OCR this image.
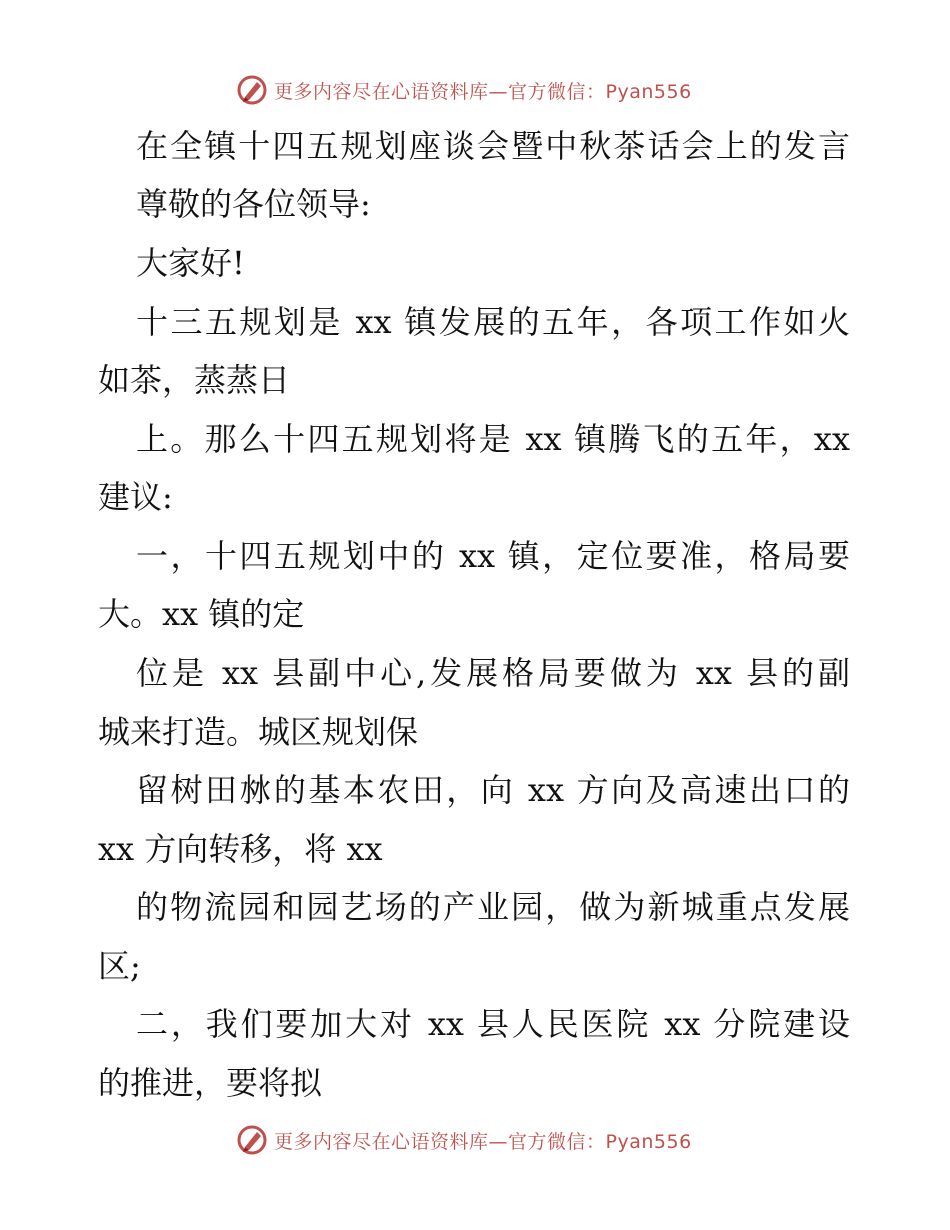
更多内容尽在心语资料库—官方微信：Pyan556
在全镇十四五规划座谈会暨中秋茶话会上的发言
尊敬的各位领导:
大家好!
十三五规划是 xx 镇发展的五年，各项工作如火
如茶，蒸蒸日
上。那么十四五规划将是 xx 镇腾飞的五年，xx
建议:
一，十四五规划中的 xx 镇，定位要准，格局要
大。xx 镇的定
位是 xx 县副中心,发展格局要做为 xx 县的副
城来打造。城区规划保
留树田沝的基本农田，向 xx 方向及高速出口的
xx 方向转移，将 xx
的物流园和园艺场的产业园，做为新城重点发展
区;
二，我们要加大对 xx 县人民医院 xx 分院建设
的推进，要将拟
更多内容尽在心语资料库—官方微信：Pyan556
